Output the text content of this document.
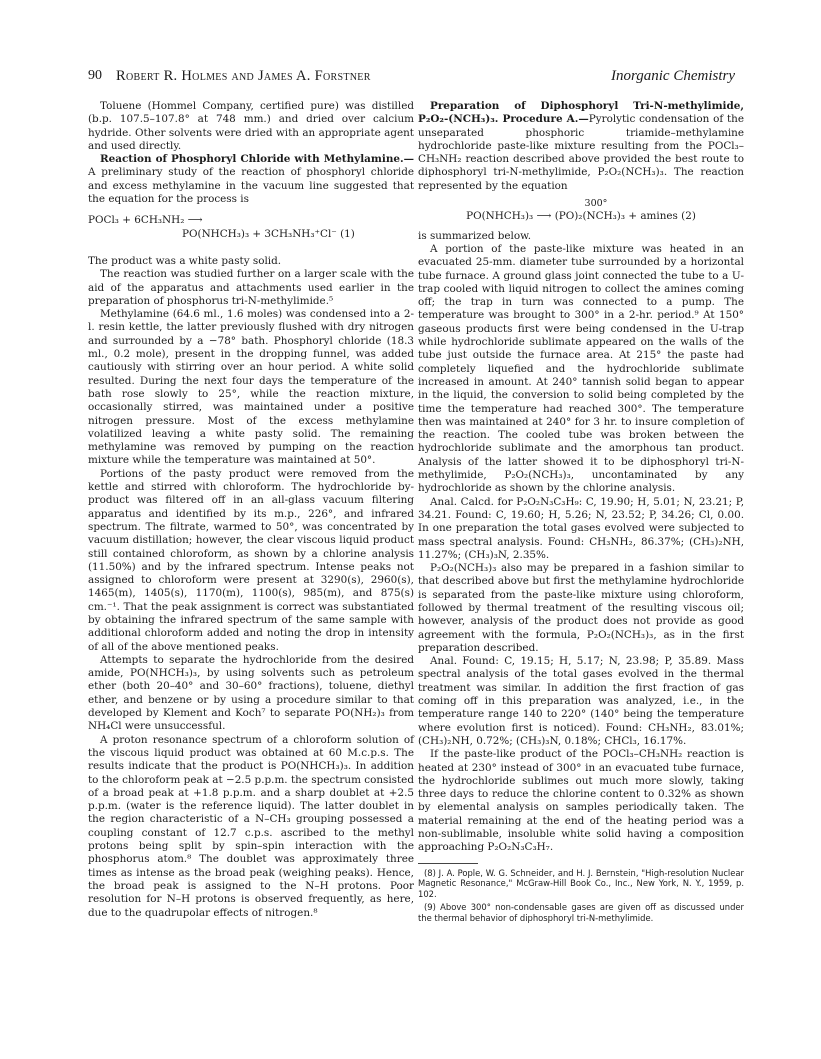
90 Robert R. Holmes and James A. Forstner	Inorganic Chemistry

Toluene (Hommel Company, certified pure) was distilled (b.p. 107.5–107.8° at 748 mm.) and dried over calcium hydride. Other solvents were dried with an appropriate agent and used directly.

Reaction of Phosphoryl Chloride with Methylamine.—A preliminary study of the reaction of phosphoryl chloride and excess methylamine in the vacuum line suggested that the equation for the process is

POCl₃ + 6CH₃NH₂ ⟶
PO(NHCH₃)₃ + 3CH₃NH₃⁺Cl⁻ (1)

The product was a white pasty solid.

The reaction was studied further on a larger scale with the aid of the apparatus and attachments used earlier in the preparation of phosphorus tri-N-methylimide.⁵

Methylamine (64.6 ml., 1.6 moles) was condensed into a 2-l. resin kettle, the latter previously flushed with dry nitrogen and surrounded by a −78° bath. Phosphoryl chloride (18.3 ml., 0.2 mole), present in the dropping funnel, was added cautiously with stirring over an hour period. A white solid resulted. During the next four days the temperature of the bath rose slowly to 25°, while the reaction mixture, occasionally stirred, was maintained under a positive nitrogen pressure. Most of the excess methylamine volatilized leaving a white pasty solid. The remaining methylamine was removed by pumping on the reaction mixture while the temperature was maintained at 50°.

Portions of the pasty product were removed from the kettle and stirred with chloroform. The hydrochloride by-product was filtered off in an all-glass vacuum filtering apparatus and identified by its m.p., 226°, and infrared spectrum. The filtrate, warmed to 50°, was concentrated by vacuum distillation; however, the clear viscous liquid product still contained chloroform, as shown by a chlorine analysis (11.50%) and by the infrared spectrum. Intense peaks not assigned to chloroform were present at 3290(s), 2960(s), 1465(m), 1405(s), 1170(m), 1100(s), 985(m), and 875(s) cm.⁻¹. That the peak assignment is correct was substantiated by obtaining the infrared spectrum of the same sample with additional chloroform added and noting the drop in intensity of all of the above mentioned peaks.

Attempts to separate the hydrochloride from the desired amide, PO(NHCH₃)₃, by using solvents such as petroleum ether (both 20–40° and 30–60° fractions), toluene, diethyl ether, and benzene or by using a procedure similar to that developed by Klement and Koch⁷ to separate PO(NH₂)₃ from NH₄Cl were unsuccessful.

A proton resonance spectrum of a chloroform solution of the viscous liquid product was obtained at 60 M.c.p.s. The results indicate that the product is PO(NHCH₃)₃. In addition to the chloroform peak at −2.5 p.p.m. the spectrum consisted of a broad peak at +1.8 p.p.m. and a sharp doublet at +2.5 p.p.m. (water is the reference liquid). The latter doublet in the region characteristic of a N–CH₃ grouping possessed a coupling constant of 12.7 c.p.s. ascribed to the methyl protons being split by spin–spin interaction with the phosphorus atom.⁸ The doublet was approximately three times as intense as the broad peak (weighing peaks). Hence, the broad peak is assigned to the N–H protons. Poor resolution for N–H protons is observed frequently, as here, due to the quadrupolar effects of nitrogen.⁸

Preparation of Diphosphoryl Tri-N-methylimide, P₂O₂-(NCH₃)₃. Procedure A.—Pyrolytic condensation of the unseparated phosphoric triamide–methylamine hydrochloride paste-like mixture resulting from the POCl₃–CH₃NH₂ reaction described above provided the best route to diphosphoryl tri-N-methylimide, P₂O₂(NCH₃)₃. The reaction represented by the equation

300°
PO(NHCH₃)₃ ⟶ (PO)₂(NCH₃)₃ + amines (2)

is summarized below.

A portion of the paste-like mixture was heated in an evacuated 25-mm. diameter tube surrounded by a horizontal tube furnace. A ground glass joint connected the tube to a U-trap cooled with liquid nitrogen to collect the amines coming off; the trap in turn was connected to a pump. The temperature was brought to 300° in a 2-hr. period.⁹ At 150° gaseous products first were being condensed in the U-trap while hydrochloride sublimate appeared on the walls of the tube just outside the furnace area. At 215° the paste had completely liquefied and the hydrochloride sublimate increased in amount. At 240° tannish solid began to appear in the liquid, the conversion to solid being completed by the time the temperature had reached 300°. The temperature then was maintained at 240° for 3 hr. to insure completion of the reaction. The cooled tube was broken between the hydrochloride sublimate and the amorphous tan product. Analysis of the latter showed it to be diphosphoryl tri-N-methylimide, P₂O₂(NCH₃)₃, uncontaminated by any hydrochloride as shown by the chlorine analysis.

Anal. Calcd. for P₂O₂N₃C₃H₉: C, 19.90; H, 5.01; N, 23.21; P, 34.21. Found: C, 19.60; H, 5.26; N, 23.52; P, 34.26; Cl, 0.00. In one preparation the total gases evolved were subjected to mass spectral analysis. Found: CH₃NH₂, 86.37%; (CH₃)₂NH, 11.27%; (CH₃)₃N, 2.35%.

P₂O₂(NCH₃)₃ also may be prepared in a fashion similar to that described above but first the methylamine hydrochloride is separated from the paste-like mixture using chloroform, followed by thermal treatment of the resulting viscous oil; however, analysis of the product does not provide as good agreement with the formula, P₂O₂(NCH₃)₃, as in the first preparation described.

Anal. Found: C, 19.15; H, 5.17; N, 23.98; P, 35.89. Mass spectral analysis of the total gases evolved in the thermal treatment was similar. In addition the first fraction of gas coming off in this preparation was analyzed, i.e., in the temperature range 140 to 220° (140° being the temperature where evolution first is noticed). Found: CH₃NH₂, 83.01%; (CH₃)₂NH, 0.72%; (CH₃)₃N, 0.18%; CHCl₃, 16.17%.

If the paste-like product of the POCl₃–CH₃NH₂ reaction is heated at 230° instead of 300° in an evacuated tube furnace, the hydrochloride sublimes out much more slowly, taking three days to reduce the chlorine content to 0.32% as shown by elemental analysis on samples periodically taken. The material remaining at the end of the heating period was a non-sublimable, insoluble white solid having a composition approaching P₂O₂N₃C₃H₇.

(8) J. A. Pople, W. G. Schneider, and H. J. Bernstein, "High-resolution Nuclear Magnetic Resonance," McGraw-Hill Book Co., Inc., New York, N. Y., 1959, p. 102.

(9) Above 300° non-condensable gases are given off as discussed under the thermal behavior of diphosphoryl tri-N-methylimide.
